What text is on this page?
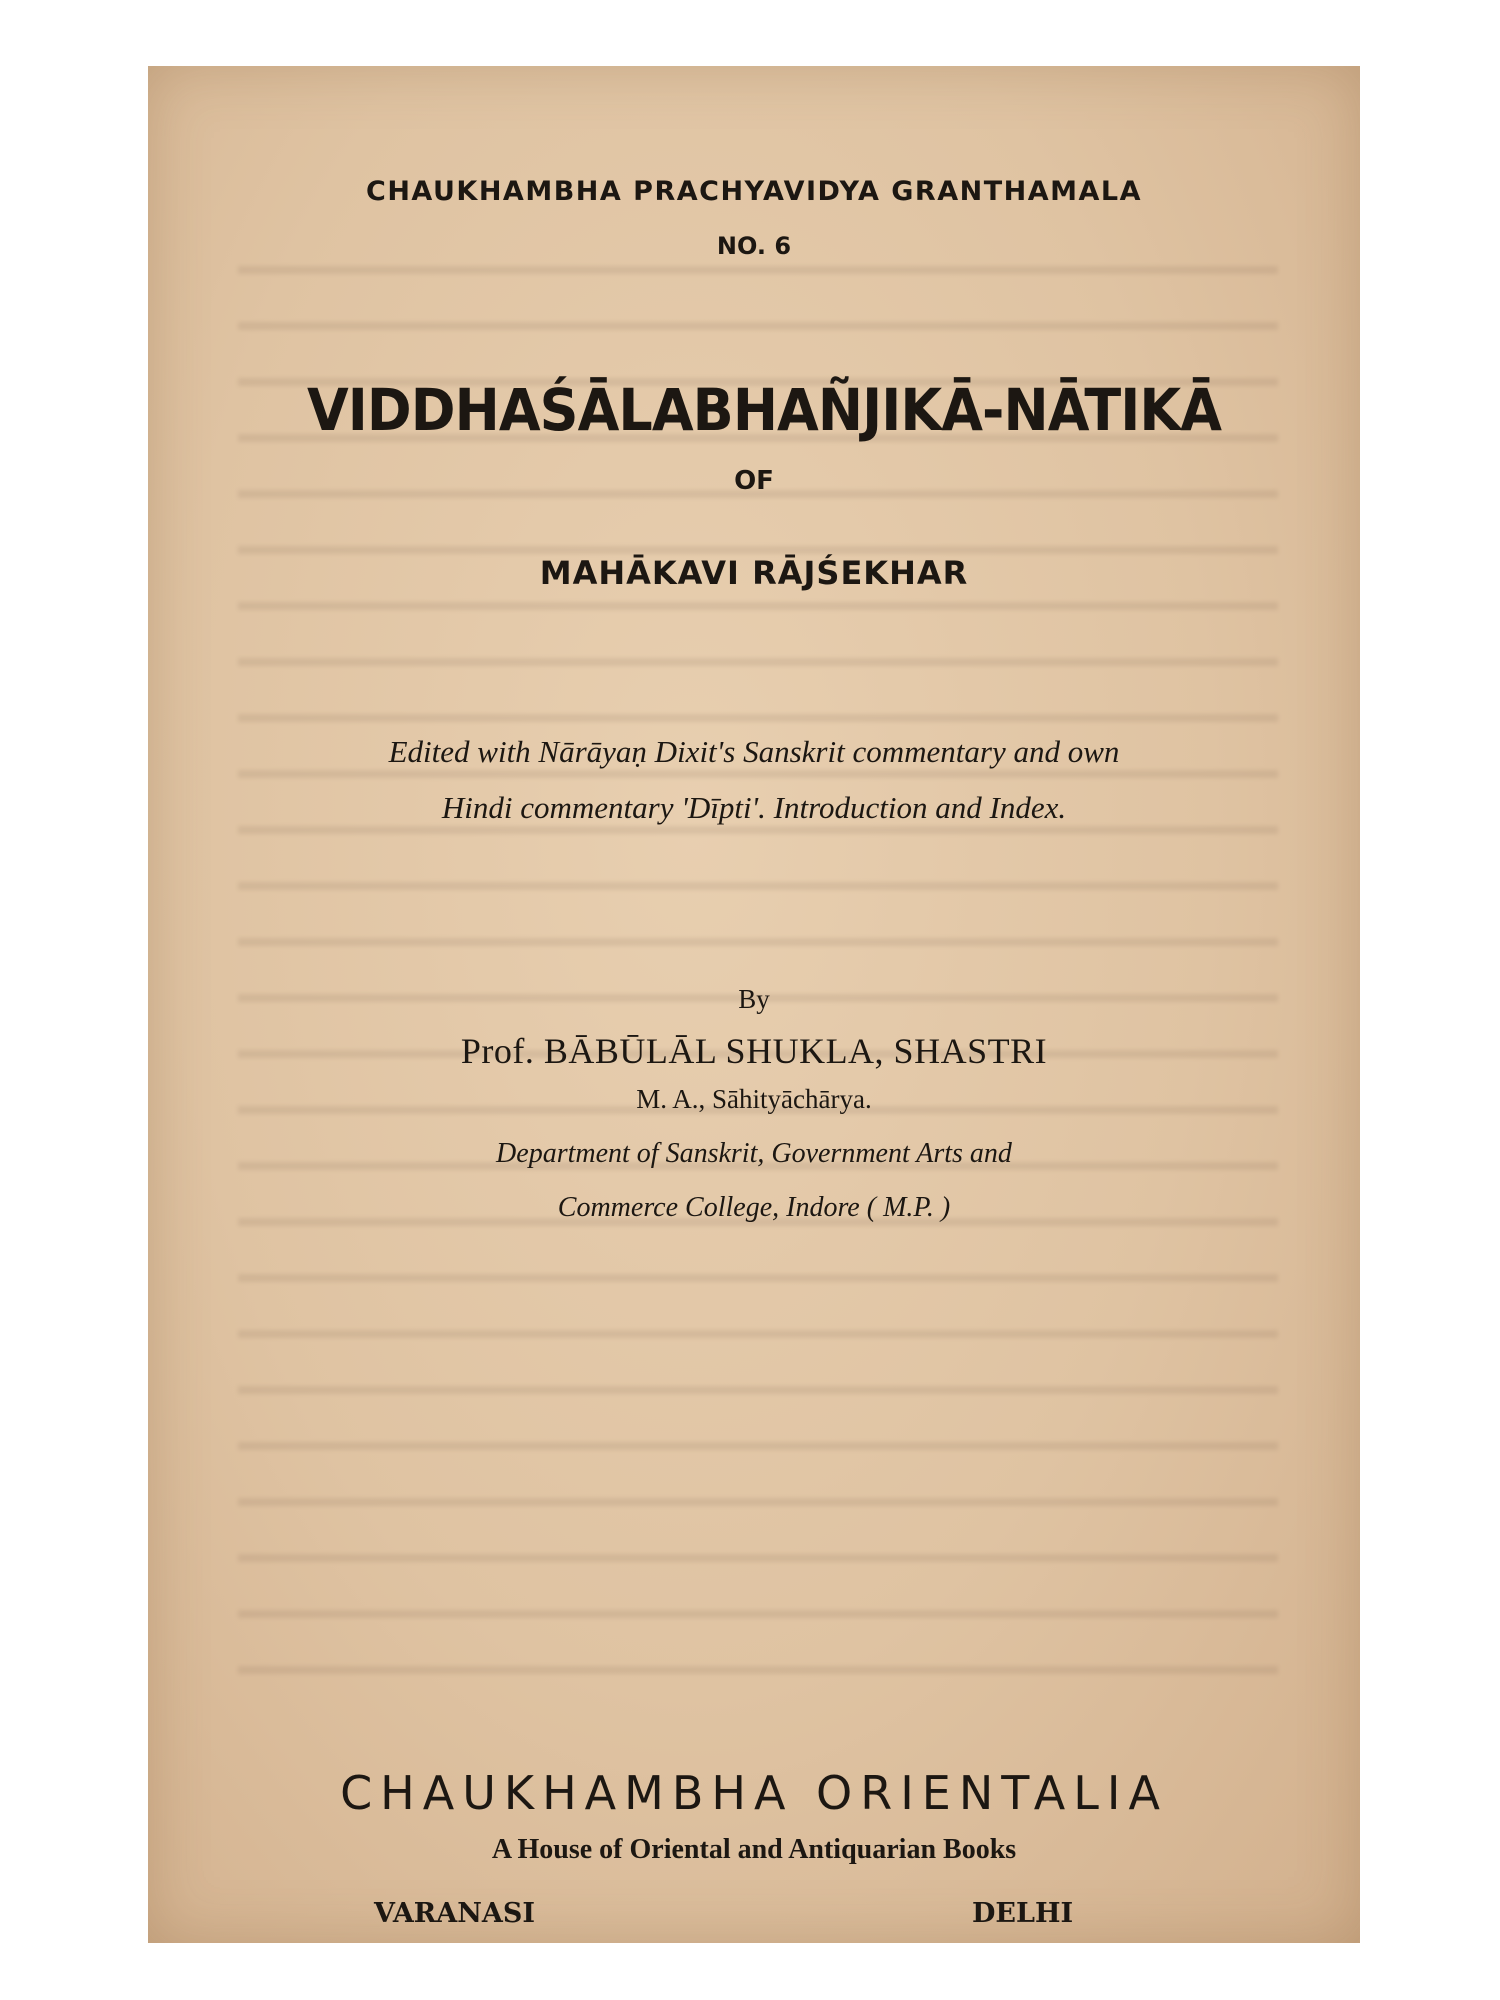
CHAUKHAMBHA PRACHYAVIDYA GRANTHAMALA
NO. 6
VIDDHAŚĀLABHAÑJIKĀ-NĀTIKĀ
OF
MAHĀKAVI RĀJŚEKHAR
Edited with Nārāyaṇ Dixit's Sanskrit commentary and own
Hindi commentary 'Dīpti'. Introduction and Index.
By
Prof. BĀBŪLĀL SHUKLA, SHASTRI
M. A., Sāhityāchārya.
Department of Sanskrit, Government Arts and
Commerce College, Indore ( M.P. )
CHAUKHAMBHA ORIENTALIA
A House of Oriental and Antiquarian Books
VARANASI	DELHI
